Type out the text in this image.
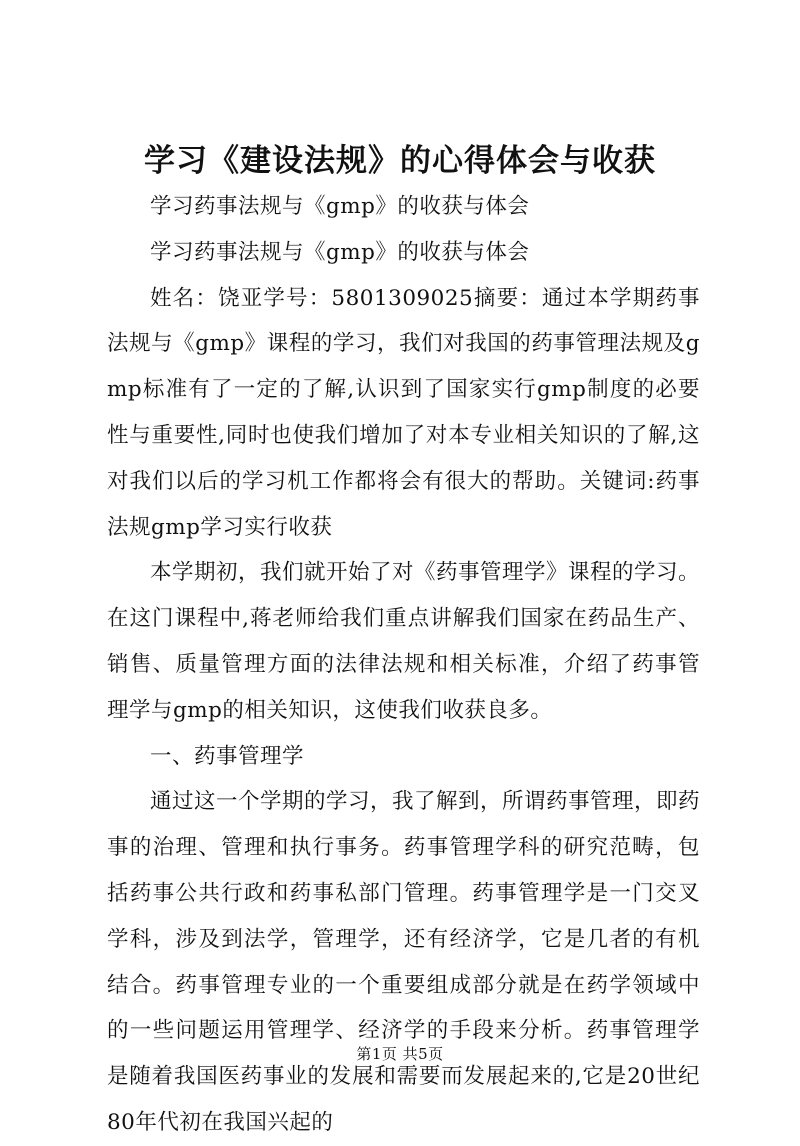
学习《建设法规》的心得体会与收获

学习药事法规与《gmp》的收获与体会

学习药事法规与《gmp》的收获与体会

姓名：饶亚学号：5801309025摘要：通过本学期药事法规与《gmp》课程的学习，我们对我国的药事管理法规及gmp标准有了一定的了解,认识到了国家实行gmp制度的必要性与重要性,同时也使我们增加了对本专业相关知识的了解,这对我们以后的学习机工作都将会有很大的帮助。关键词:药事法规gmp学习实行收获

本学期初，我们就开始了对《药事管理学》课程的学习。在这门课程中,蒋老师给我们重点讲解我们国家在药品生产、销售、质量管理方面的法律法规和相关标准，介绍了药事管理学与gmp的相关知识，这使我们收获良多。

一、药事管理学

通过这一个学期的学习，我了解到，所谓药事管理，即药事的治理、管理和执行事务。药事管理学科的研究范畴，包括药事公共行政和药事私部门管理。药事管理学是一门交叉学科，涉及到法学，管理学，还有经济学，它是几者的有机结合。药事管理专业的一个重要组成部分就是在药学领域中的一些问题运用管理学、经济学的手段来分析。药事管理学是随着我国医药事业的发展和需要而发展起来的,它是20世纪80年代初在我国兴起的

第1页 共5页
